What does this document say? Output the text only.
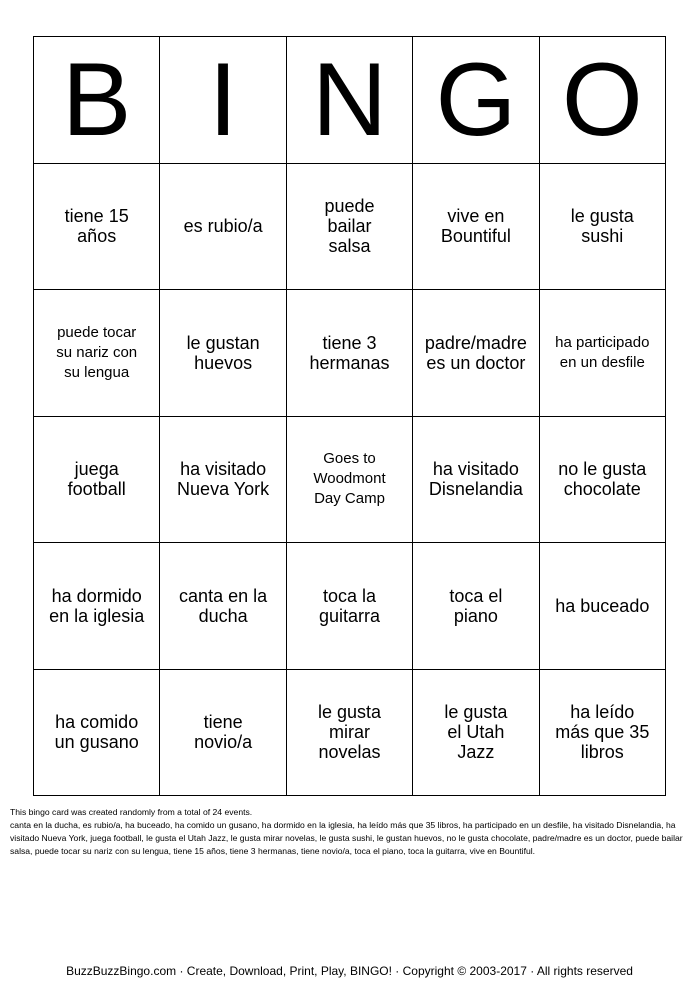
B I N G O
tiene 15 años	es rubio/a
puede bailar salsa
vive en Bountiful
le gusta sushi
puede tocar su nariz con su lengua
le gustan huevos
tiene 3 hermanas
padre/madre es un doctor
ha participado en un desfile
juega football
ha visitado Nueva York
Goes to Woodmont Day Camp
ha visitado Disnelandia
no le gusta chocolate
ha dormido en la iglesia
canta en la ducha
toca la guitarra
toca el piano	ha buceado
ha comido un gusano
tiene novio/a
le gusta mirar novelas
le gusta el Utah Jazz
ha leído más que 35 libros

This bingo card was created randomly from a total of 24 events.

canta en la ducha, es rubio/a, ha buceado, ha comido un gusano, ha dormido en la iglesia, ha leído más que 35 libros, ha participado en un desfile, ha visitado Disnelandia, ha visitado Nueva York, juega football, le gusta el Utah Jazz, le gusta mirar novelas, le gusta sushi, le gustan huevos, no le gusta chocolate, padre/madre es un doctor, puede bailar salsa, puede tocar su nariz con su lengua, tiene 15 años, tiene 3 hermanas, tiene novio/a, toca el piano, toca la guitarra, vive en Bountiful.

BuzzBuzzBingo.com · Create, Download, Print, Play, BINGO! · Copyright © 2003-2017 · All rights reserved
